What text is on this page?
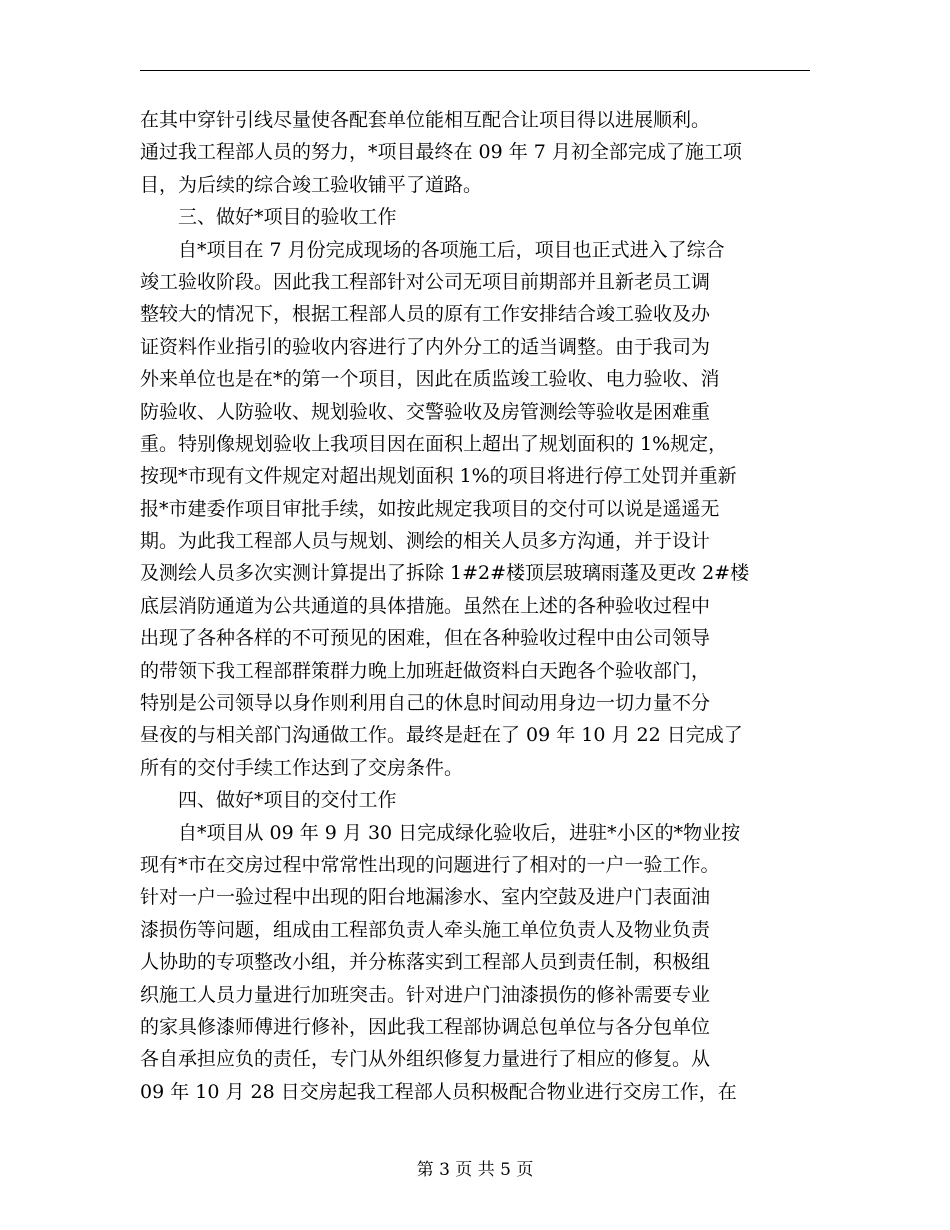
在其中穿针引线尽量使各配套单位能相互配合让项目得以进展顺利。
通过我工程部人员的努力，*项目最终在 09 年 7 月初全部完成了施工项
目，为后续的综合竣工验收铺平了道路。
三、做好*项目的验收工作
自*项目在 7 月份完成现场的各项施工后，项目也正式进入了综合
竣工验收阶段。因此我工程部针对公司无项目前期部并且新老员工调
整较大的情况下，根据工程部人员的原有工作安排结合竣工验收及办
证资料作业指引的验收内容进行了内外分工的适当调整。由于我司为
外来单位也是在*的第一个项目，因此在质监竣工验收、电力验收、消
防验收、人防验收、规划验收、交警验收及房管测绘等验收是困难重
重。特别像规划验收上我项目因在面积上超出了规划面积的 1%规定，
按现*市现有文件规定对超出规划面积 1%的项目将进行停工处罚并重新
报*市建委作项目审批手续，如按此规定我项目的交付可以说是遥遥无
期。为此我工程部人员与规划、测绘的相关人员多方沟通，并于设计
及测绘人员多次实测计算提出了拆除 1#2#楼顶层玻璃雨蓬及更改 2#楼
底层消防通道为公共通道的具体措施。虽然在上述的各种验收过程中
出现了各种各样的不可预见的困难，但在各种验收过程中由公司领导
的带领下我工程部群策群力晚上加班赶做资料白天跑各个验收部门，
特别是公司领导以身作则利用自己的休息时间动用身边一切力量不分
昼夜的与相关部门沟通做工作。最终是赶在了 09 年 10 月 22 日完成了
所有的交付手续工作达到了交房条件。
四、做好*项目的交付工作
自*项目从 09 年 9 月 30 日完成绿化验收后，进驻*小区的*物业按
现有*市在交房过程中常常性出现的问题进行了相对的一户一验工作。
针对一户一验过程中出现的阳台地漏渗水、室内空鼓及进户门表面油
漆损伤等问题，组成由工程部负责人牵头施工单位负责人及物业负责
人协助的专项整改小组，并分栋落实到工程部人员到责任制，积极组
织施工人员力量进行加班突击。针对进户门油漆损伤的修补需要专业
的家具修漆师傅进行修补，因此我工程部协调总包单位与各分包单位
各自承担应负的责任，专门从外组织修复力量进行了相应的修复。从
09 年 10 月 28 日交房起我工程部人员积极配合物业进行交房工作，在
第 3 页 共 5 页
